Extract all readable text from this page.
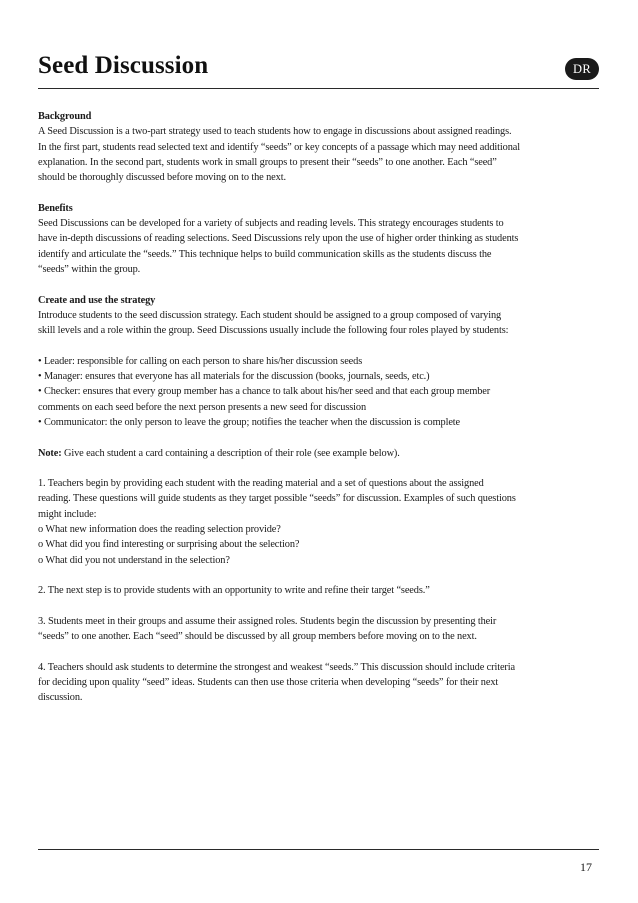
Seed Discussion	DR
Background
A Seed Discussion is a two-part strategy used to teach students how to engage in discussions about assigned readings.
In the first part, students read selected text and identify “seeds” or key concepts of a passage which may need additional
explanation. In the second part, students work in small groups to present their “seeds” to one another. Each “seed”
should be thoroughly discussed before moving on to the next.
Benefits
Seed Discussions can be developed for a variety of subjects and reading levels. This strategy encourages students to
have in-depth discussions of reading selections. Seed Discussions rely upon the use of higher order thinking as students
identify and articulate the “seeds.” This technique helps to build communication skills as the students discuss the
“seeds” within the group.
Create and use the strategy
Introduce students to the seed discussion strategy. Each student should be assigned to a group composed of varying
skill levels and a role within the group. Seed Discussions usually include the following four roles played by students:
• Leader: responsible for calling on each person to share his/her discussion seeds
• Manager: ensures that everyone has all materials for the discussion (books, journals, seeds, etc.)
• Checker: ensures that every group member has a chance to talk about his/her seed and that each group member
comments on each seed before the next person presents a new seed for discussion
• Communicator: the only person to leave the group; notifies the teacher when the discussion is complete
Note: Give each student a card containing a description of their role (see example below).
1. Teachers begin by providing each student with the reading material and a set of questions about the assigned
reading. These questions will guide students as they target possible “seeds” for discussion. Examples of such questions
might include:
o What new information does the reading selection provide?
o What did you find interesting or surprising about the selection?
o What did you not understand in the selection?
2. The next step is to provide students with an opportunity to write and refine their target “seeds.”
3. Students meet in their groups and assume their assigned roles. Students begin the discussion by presenting their
“seeds” to one another. Each “seed” should be discussed by all group members before moving on to the next.
4. Teachers should ask students to determine the strongest and weakest “seeds.” This discussion should include criteria
for deciding upon quality “seed” ideas. Students can then use those criteria when developing “seeds” for their next
discussion.
17
